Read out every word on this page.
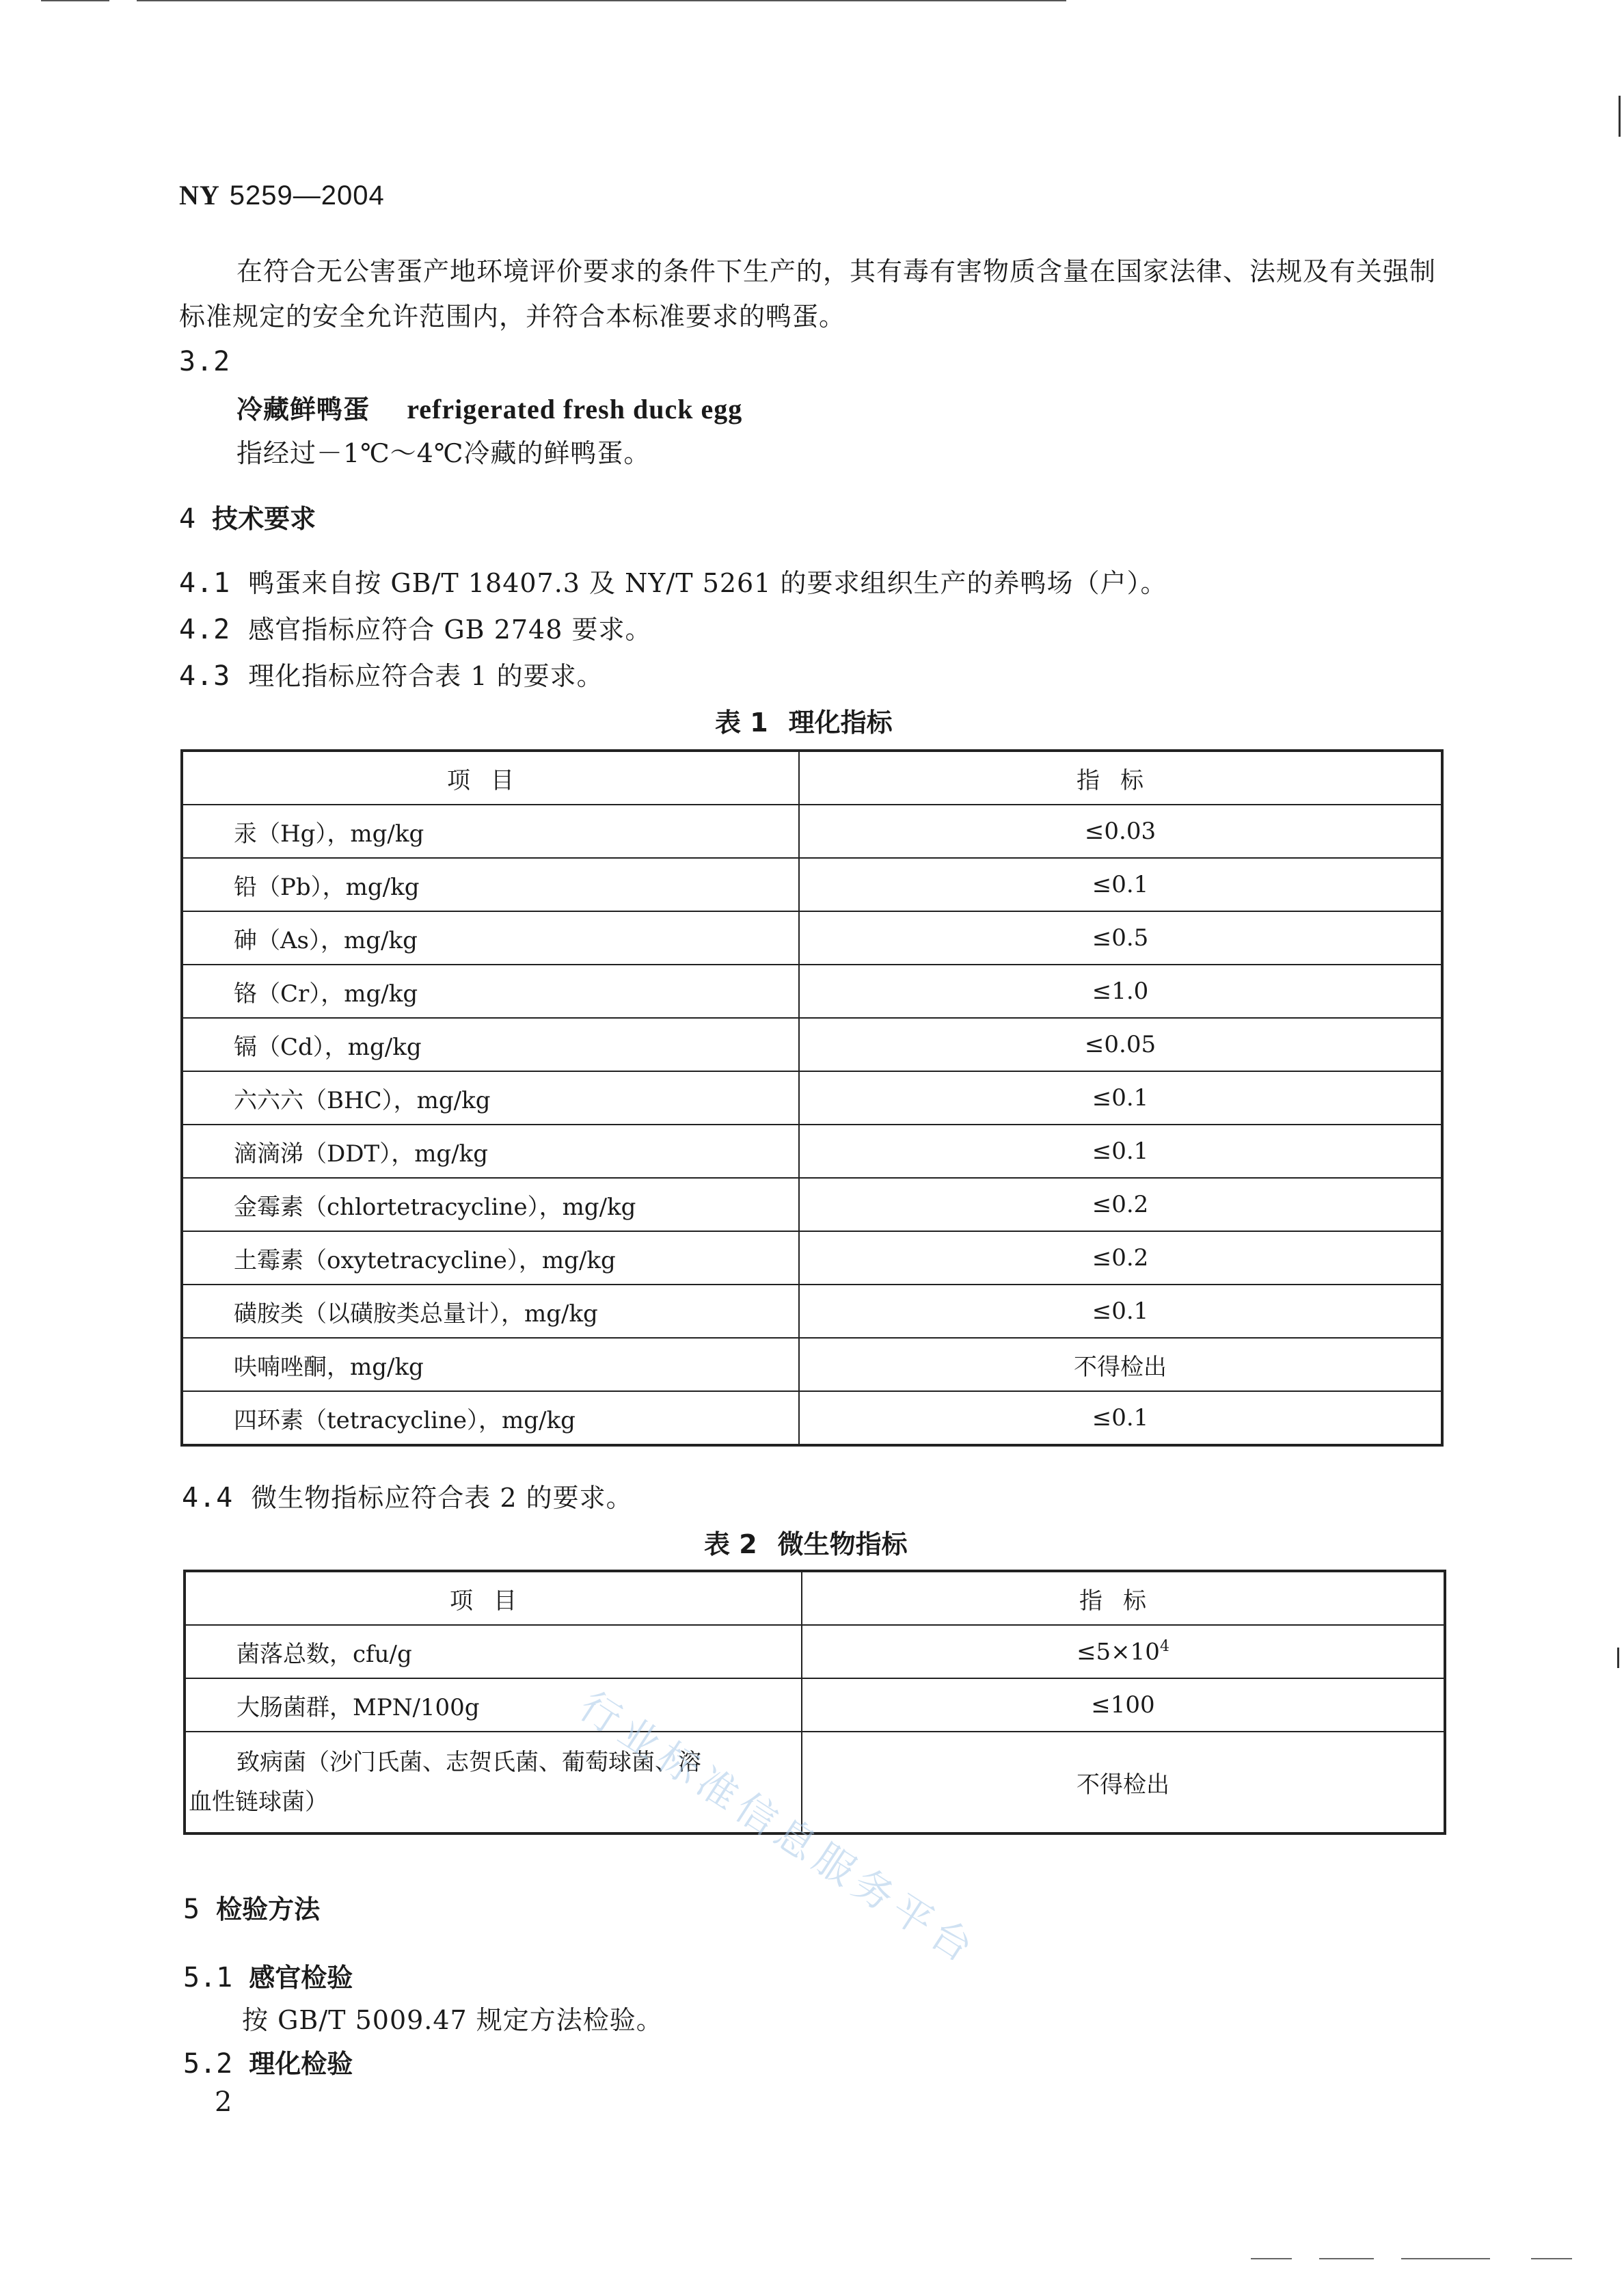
NY 5259—2004
在符合无公害蛋产地环境评价要求的条件下生产的，其有毒有害物质含量在国家法律、法规及有关强制标准规定的安全允许范围内，并符合本标准要求的鸭蛋。
3.2
冷藏鲜鸭蛋 refrigerated fresh duck egg
指经过－1℃～4℃冷藏的鲜鸭蛋。
4 技术要求
4.1 鸭蛋来自按 GB/T 18407.3 及 NY/T 5261 的要求组织生产的养鸭场（户）。
4.2 感官指标应符合 GB 2748 要求。
4.3 理化指标应符合表 1 的要求。
表 1 理化指标
项目	指标
汞（Hg），mg/kg	≤0.03
铅（Pb），mg/kg	≤0.1
砷（As），mg/kg	≤0.5
铬（Cr），mg/kg	≤1.0
镉（Cd），mg/kg	≤0.05
六六六（BHC），mg/kg	≤0.1
滴滴涕（DDT），mg/kg	≤0.1
金霉素（chlortetracycline），mg/kg	≤0.2
土霉素（oxytetracycline），mg/kg	≤0.2
磺胺类（以磺胺类总量计），mg/kg	≤0.1
呋喃唑酮，mg/kg	不得检出
四环素（tetracycline），mg/kg	≤0.1
4.4 微生物指标应符合表 2 的要求。
表 2 微生物指标
项目	指标
菌落总数，cfu/g	$\le 5\times 10^4$
大肠菌群，MPN/100g	≤100

致病菌（沙门氏菌、志贺氏菌、葡萄球菌、溶
血性链球菌）	不得检出
5 检验方法
5.1 感官检验
按 GB/T 5009.47 规定方法检验。
5.2 理化检验
行业标准信息服务平台
2
